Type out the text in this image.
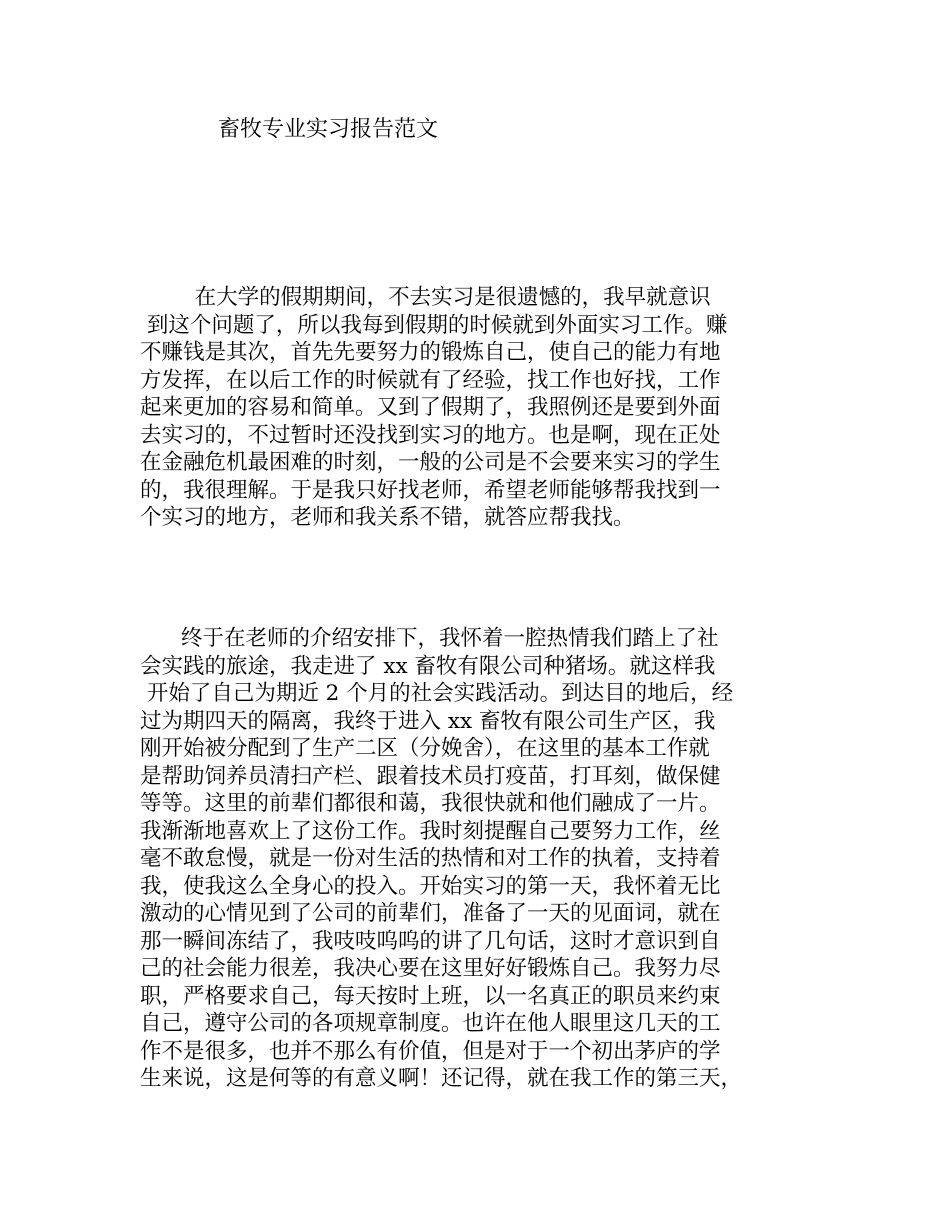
畜牧专业实习报告范文
在大学的假期期间，不去实习是很遗憾的，我早就意识
到这个问题了，所以我每到假期的时候就到外面实习工作。赚
不赚钱是其次，首先先要努力的锻炼自己，使自己的能力有地
方发挥，在以后工作的时候就有了经验，找工作也好找，工作
起来更加的容易和简单。又到了假期了，我照例还是要到外面
去实习的，不过暂时还没找到实习的地方。也是啊，现在正处
在金融危机最困难的时刻，一般的公司是不会要来实习的学生
的，我很理解。于是我只好找老师，希望老师能够帮我找到一
个实习的地方，老师和我关系不错，就答应帮我找。
终于在老师的介绍安排下，我怀着一腔热情我们踏上了社
会实践的旅途，我走进了 xx 畜牧有限公司种猪场。就这样我
开始了自己为期近 2 个月的社会实践活动。到达目的地后，经
过为期四天的隔离，我终于进入 xx 畜牧有限公司生产区，我
刚开始被分配到了生产二区（分娩舍），在这里的基本工作就
是帮助饲养员清扫产栏、跟着技术员打疫苗，打耳刻，做保健
等等。这里的前辈们都很和蔼，我很快就和他们融成了一片。
我渐渐地喜欢上了这份工作。我时刻提醒自己要努力工作，丝
毫不敢怠慢，就是一份对生活的热情和对工作的执着，支持着
我，使我这么全身心的投入。开始实习的第一天，我怀着无比
激动的心情见到了公司的前辈们，准备了一天的见面词，就在
那一瞬间冻结了，我吱吱呜呜的讲了几句话，这时才意识到自
己的社会能力很差，我决心要在这里好好锻炼自己。我努力尽
职，严格要求自己，每天按时上班，以一名真正的职员来约束
自己，遵守公司的各项规章制度。也许在他人眼里这几天的工
作不是很多，也并不那么有价值，但是对于一个初出茅庐的学
生来说，这是何等的有意义啊！还记得，就在我工作的第三天，
